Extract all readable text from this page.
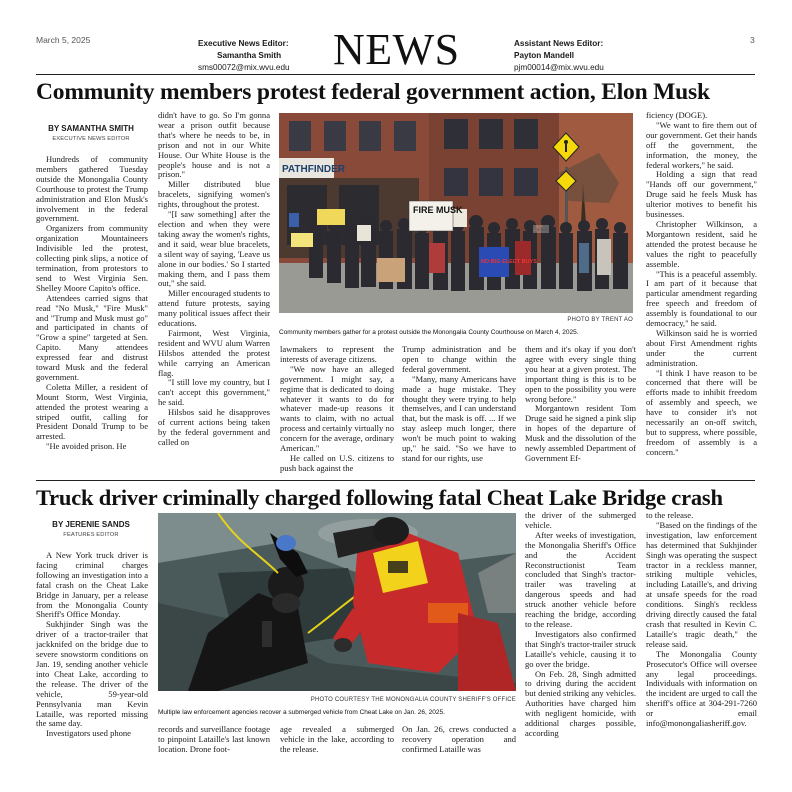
March 5, 2025	3
Executive News Editor:
Samantha Smith
sms00072@mix.wvu.edu NEWS	Assistant News Editor:
Payton Mandell
pjm00014@mix.wvu.edu
Community members protest federal government action, Elon Musk
BY SAMANTHA SMITH
EXECUTIVE NEWS EDITOR

Hundreds of community members gathered Tuesday outside the Monongalia County Courthouse to protest the Trump administration and Elon Musk's involvement in the federal government.

Organizers from community organization Mountaineers Indivisible led the protest, collecting pink slips, a notice of termination, from protestors to send to West Virginia Sen. Shelley Moore Capito's office.

Attendees carried signs that read "No Musk," "Fire Musk" and "Trump and Musk must go" and participated in chants of "Grow a spine" targeted at Sen. Capito. Many attendees expressed fear and distrust toward Musk and the federal government.

Coletta Miller, a resident of Mount Storm, West Virginia, attended the protest wearing a striped outfit, calling for President Donald Trump to be arrested.

"He avoided prison. He

didn't have to go. So I'm gonna wear a prison outfit because that's where he needs to be, in prison and not in our White House. Our White House is the people's house and is not a prison."

Miller distributed blue bracelets, signifying women's rights, throughout the protest.

"[I saw something] after the election and when they were taking away the women's rights, and it said, wear blue bracelets, a silent way of saying, 'Leave us alone in our bodies.' So I started making them, and I pass them out," she said.

Miller encouraged students to attend future protests, saying many political issues affect their educations.

Fairmont, West Virginia, resident and WVU alum Warren Hilsbos attended the protest while carrying an American flag.

"I still love my country, but I can't accept this government," he said.

Hilsbos said he disapproves of current actions being taken by the federal government and called on

PATHFINDER
FIRE MUSK
NO BIG ELECT BUYS
RESIST
PHOTO BY TRENT AO
Community members gather for a protest outside the Monongalia County Courthouse on March 4, 2025.

lawmakers to represent the interests of average citizens.

"We now have an alleged government. I might say, a regime that is dedicated to doing whatever it wants to do for whatever made-up reasons it wants to claim, with no actual process and certainly virtually no concern for the average, ordinary American."

He called on U.S. citizens to push back against the

Trump administration and be open to change within the federal government.

"Many, many Americans have made a huge mistake. They thought they were trying to help themselves, and I can understand that, but the mask is off. ... If we stay asleep much longer, there won't be much point to waking up," he said. "So we have to stand for our rights, use

them and it's okay if you don't agree with every single thing you hear at a given protest. The important thing is this is to be open to the possibility you were wrong before."

Morgantown resident Tom Druge said he signed a pink slip in hopes of the departure of Musk and the dissolution of the newly assembled Department of Government Ef-

ficiency (DOGE).

"We want to fire them out of our government. Get their hands off the government, the information, the money, the federal workers," he said.

Holding a sign that read "Hands off our government," Druge said he feels Musk has ulterior motives to benefit his businesses.

Christopher Wilkinson, a Morgantown resident, said he attended the protest because he values the right to peacefully assemble.

"This is a peaceful assembly. I am part of it because that particular amendment regarding free speech and freedom of assembly is foundational to our democracy," he said.

Wilkinson said he is worried about First Amendment rights under the current administration.

"I think I have reason to be concerned that there will be efforts made to inhibit freedom of assembly and speech, we have to consider it's not necessarily an on-off switch, but to suppress, where possible, freedom of assembly is a concern."

Truck driver criminally charged following fatal Cheat Lake Bridge crash
BY JERENIE SANDS
FEATURES EDITOR

A New York truck driver is facing criminal charges following an investigation into a fatal crash on the Cheat Lake Bridge in January, per a release from the Monongalia County Sheriff's Office Monday.

Sukhjinder Singh was the driver of a tractor-trailer that jackknifed on the bridge due to severe snowstorm conditions on Jan. 19, sending another vehicle into Cheat Lake, according to the release. The driver of the vehicle, 59-year-old Pennsylvania man Kevin Lataille, was reported missing the same day.

Investigators used phone

PHOTO COURTESY THE MONONGALIA COUNTY SHERIFF'S OFFICE
Multiple law enforcement agencies recover a submerged vehicle from Cheat Lake on Jan. 26, 2025.

records and surveillance footage to pinpoint Lataille's last known location. Drone foot-

age revealed a submerged vehicle in the lake, according to the release.

On Jan. 26, crews conducted a recovery operation and confirmed Lataille was

the driver of the submerged vehicle.

After weeks of investigation, the Monongalia Sheriff's Office and the Accident Reconstructionist Team concluded that Singh's tractor-trailer was traveling at dangerous speeds and had struck another vehicle before reaching the bridge, according to the release.

Investigators also confirmed that Singh's tractor-trailer struck Lataille's vehicle, causing it to go over the bridge.

On Feb. 28, Singh admitted to driving during the accident but denied striking any vehicles. Authorities have charged him with negligent homicide, with additional charges possible, according

to the release.

"Based on the findings of the investigation, law enforcement has determined that Sukhjinder Singh was operating the suspect tractor in a reckless manner, striking multiple vehicles, including Lataille's, and driving at unsafe speeds for the road conditions. Singh's reckless driving directly caused the fatal crash that resulted in Kevin C. Lataille's tragic death," the release said.

The Monongalia County Prosecutor's Office will oversee any legal proceedings. Individuals with information on the incident are urged to call the sheriff's office at 304-291-7260 or email info@monongaliasheriff.gov.
